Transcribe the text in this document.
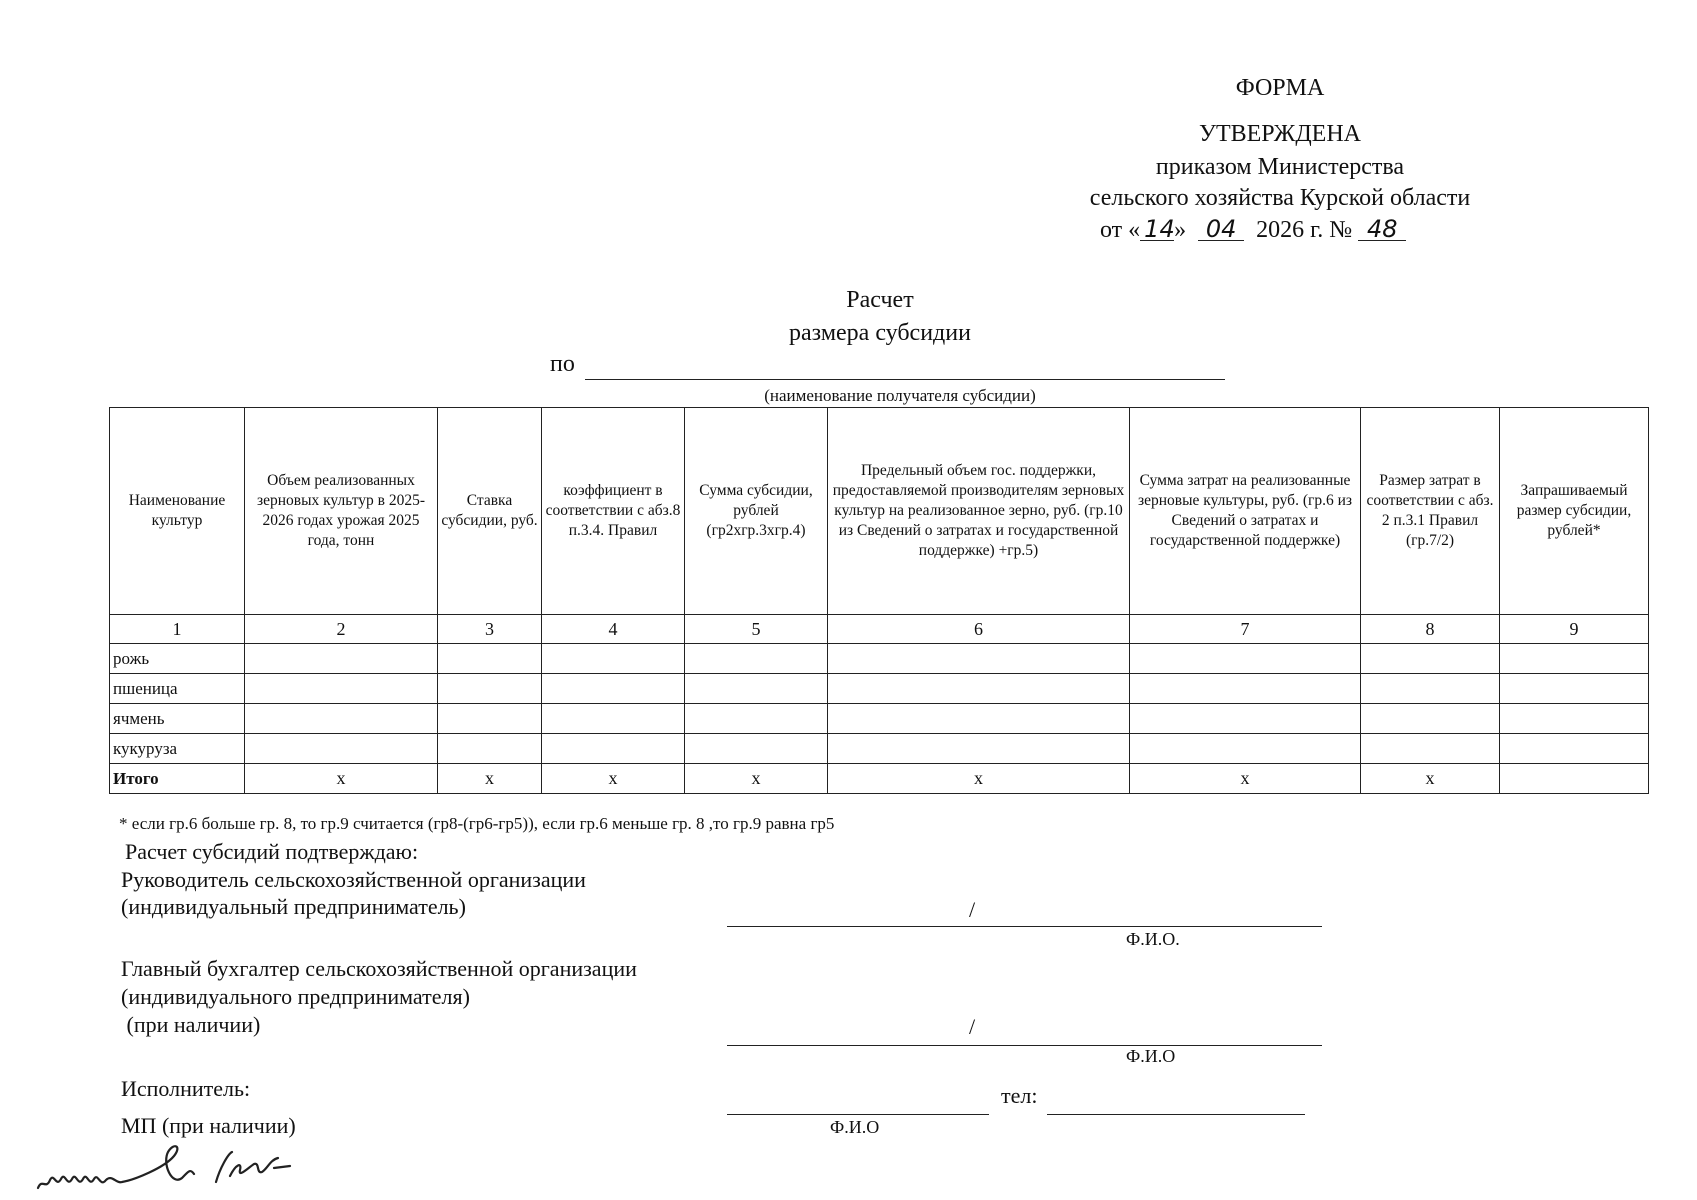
ФОРМА
УТВЕРЖДЕНА
приказом Министерства
сельского хозяйства Курской области
от « 14» 04 2026 г. № 48
Расчет
размера субсидии
по
(наименование получателя субсидии)
Наименование культур	Объем реализованных зерновых культур в 2025-2026 годах урожая 2025 года, тонн	Ставка субсидии, руб.	коэффициент в соответствии с абз.8 п.3.4. Правил	Сумма субсидии, рублей (гр2хгр.3хгр.4)	Предельный объем гос. поддержки, предоставляемой производителям зерновых культур на реализованное зерно, руб. (гр.10 из Сведений о затратах и государственной поддержке) +гр.5)	Сумма затрат на реализованные зерновые культуры, руб. (гр.6 из Сведений о затратах и государственной поддержке)	Размер затрат в соответствии с абз. 2 п.3.1 Правил (гр.7/2)	Запрашиваемый размер субсидии, рублей*
1	2	3	4	5	6	7	8	9
рожь								
пшеница								
ячмень								
кукуруза								
Итого	х	х	х	х	х	х	х	
* если гр.6 больше гр. 8, то гр.9 считается (гр8-(гр6-гр5)), если гр.6 меньше гр. 8 ,то гр.9 равна гр5
Расчет субсидий подтверждаю:
Руководитель сельскохозяйственной организации
(индивидуальный предприниматель)	/
Ф.И.О.
Главный бухгалтер сельскохозяйственной организации
(индивидуального предпринимателя)
(при наличии)	/
Ф.И.О
Исполнитель:	тел:
МП (при наличии)	Ф.И.О
